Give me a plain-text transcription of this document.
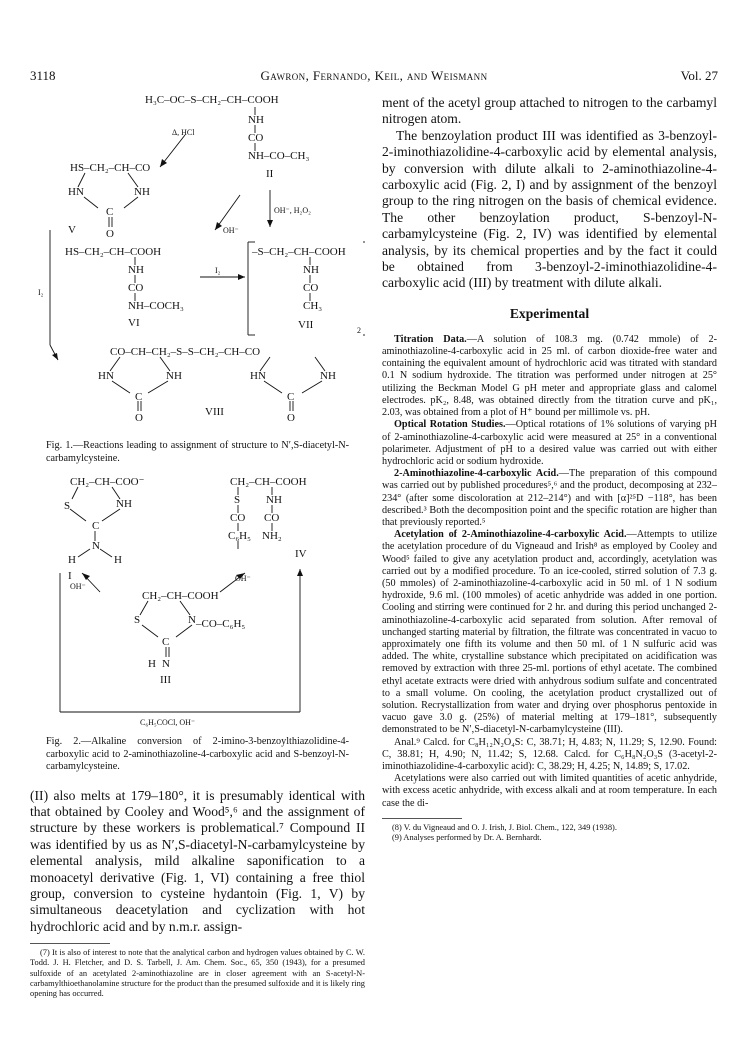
3118	Gawron, Fernando, Keil, and Weismann	Vol. 27
H₃C–OC–S–CH₂–CH–COOH
NH
CO
NH–CO–CH₃
II
Δ, HCl
OH⁻, H₂O₂
OH⁻
HS–CH₂–CH–CO
HN	NH
C
O
V
HS–CH₂–CH–COOH
NH
CO
NH–COCH₃
VI
I₂
I₂
–S–CH₂–CH–COOH
NH
CO
CH₃
VII	2
CO–CH–CH₂–S–S–CH₂–CH–CO
HN	NH	HN	NH
C	C
O	O
VIII

Fig. 1.—Reactions leading to assignment of structure to N′,S-diacetyl-N-carbamylcysteine.

CH₂–CH–COO⁻
S	NH
C
N
H	H
I
CH₂–CH–COOH
S NH
CO CO
C₆H₅ NH₂
IV
OH⁻
OH⁻
CH₂–CH–COOH
S	N –CO–C₆H₅
C
H N
III
C₆H₅COCl, OH⁻

Fig. 2.—Alkaline conversion of 2-imino-3-benzoylthiazolidine-4-carboxylic acid to 2-aminothiazoline-4-carboxylic acid and S-benzoyl-N-carbamylcysteine.

(II) also melts at 179–180°, it is presumably identical with that obtained by Cooley and Wood⁵,⁶ and the assignment of structure by these workers is problematical.⁷ Compound II was identified by us as N′,S-diacetyl-N-carbamylcysteine by elemental analysis, mild alkaline saponification to a monoacetyl derivative (Fig. 1, VI) containing a free thiol group, conversion to cysteine hydantoin (Fig. 1, V) by simultaneous deacetylation and cyclization with hot hydrochloric acid and by n.m.r. assign-

(7) It is also of interest to note that the analytical carbon and hydrogen values obtained by C. W. Todd. J. H. Fletcher, and D. S. Tarbell, J. Am. Chem. Soc., 65, 350 (1943), for a presumed sulfoxide of an acetylated 2-aminothiazoline are in closer agreement with an S-acetyl-N-carbamylthioethanolamine structure for the product than the presumed sulfoxide and it is likely ring opening has occurred.

ment of the acetyl group attached to nitrogen to the carbamyl nitrogen atom.

The benzoylation product III was identified as 3-benzoyl-2-iminothiazolidine-4-carboxylic acid by elemental analysis, by conversion with dilute alkali to 2-aminothiazoline-4-carboxylic acid (Fig. 2, I) and by assignment of the benzoyl group to the ring nitrogen on the basis of chemical evidence. The other benzoylation product, S-benzoyl-N-carbamylcysteine (Fig. 2, IV) was identified by elemental analysis, by its chemical properties and by the fact it could be obtained from 3-benzoyl-2-iminothiazolidine-4-carboxylic acid (III) by treatment with dilute alkali.

Experimental

Titration Data.—A solution of 108.3 mg. (0.742 mmole) of 2-aminothiazoline-4-carboxylic acid in 25 ml. of carbon dioxide-free water and containing the equivalent amount of hydrochloric acid was titrated with standard 0.1 N sodium hydroxide. The titration was performed under nitrogen at 25° utilizing the Beckman Model G pH meter and appropriate glass and calomel electrodes. pK₂, 8.48, was obtained directly from the titration curve and pK₁, 2.03, was obtained from a plot of H⁺ bound per millimole vs. pH.

Optical Rotation Studies.—Optical rotations of 1% solutions of varying pH of 2-aminothiazoline-4-carboxylic acid were measured at 25° in a conventional polarimeter. Adjustment of pH to a desired value was carried out with either hydrochloric acid or sodium hydroxide.

2-Aminothiazoline-4-carboxylic Acid.—The preparation of this compound was carried out by published procedures⁵,⁶ and the product, decomposing at 232–234° (after some discoloration at 212–214°) and with [α]²⁵D −118°, has been described.³ Both the decomposition point and the specific rotation are higher than that previously reported.⁵

Acetylation of 2-Aminothiazoline-4-carboxylic Acid.—Attempts to utilize the acetylation procedure of du Vigneaud and Irish⁸ as employed by Cooley and Wood⁵ failed to give any acetylation product and, accordingly, acetylation was carried out by a modified procedure. To an ice-cooled, stirred solution of 7.3 g. (50 mmoles) of 2-aminothiazoline-4-carboxylic acid in 50 ml. of 1 N sodium hydroxide, 9.6 ml. (100 mmoles) of acetic anhydride was added in one portion. Cooling and stirring were continued for 2 hr. and during this period unchanged 2-aminothiazoline-4-carboxylic acid separated from solution. After removal of unchanged starting material by filtration, the filtrate was concentrated in vacuo to approximately one fifth its volume and then 50 ml. of 1 N sulfuric acid was added. The white, crystalline substance which precipitated on acidification was removed by extraction with three 25-ml. portions of ethyl acetate. The combined ethyl acetate extracts were dried with anhydrous sodium sulfate and concentrated to a small volume. On cooling, the acetylation product crystallized out of solution. Recrystallization from water and drying over phosphorus pentoxide in vacuo gave 3.0 g. (25%) of material melting at 179–181°, subsequently demonstrated to be N′,S-diacetyl-N-carbamylcysteine (III).

Anal.⁹ Calcd. for C₈H₁₂N₂O₄S: C, 38.71; H, 4.83; N, 11.29; S, 12.90. Found: C, 38.81; H, 4.90; N, 11.42; S, 12.68. Calcd. for C₆H₈N₂O₃S (3-acetyl-2-iminothiazolidine-4-carboxylic acid): C, 38.29; H, 4.25; N, 14.89; S, 17.02.

Acetylations were also carried out with limited quantities of acetic anhydride, with excess acetic anhydride, with excess alkali and at room temperature. In each case the di-

(8) V. du Vigneaud and O. J. Irish, J. Biol. Chem., 122, 349 (1938).

(9) Analyses performed by Dr. A. Bernhardt.
